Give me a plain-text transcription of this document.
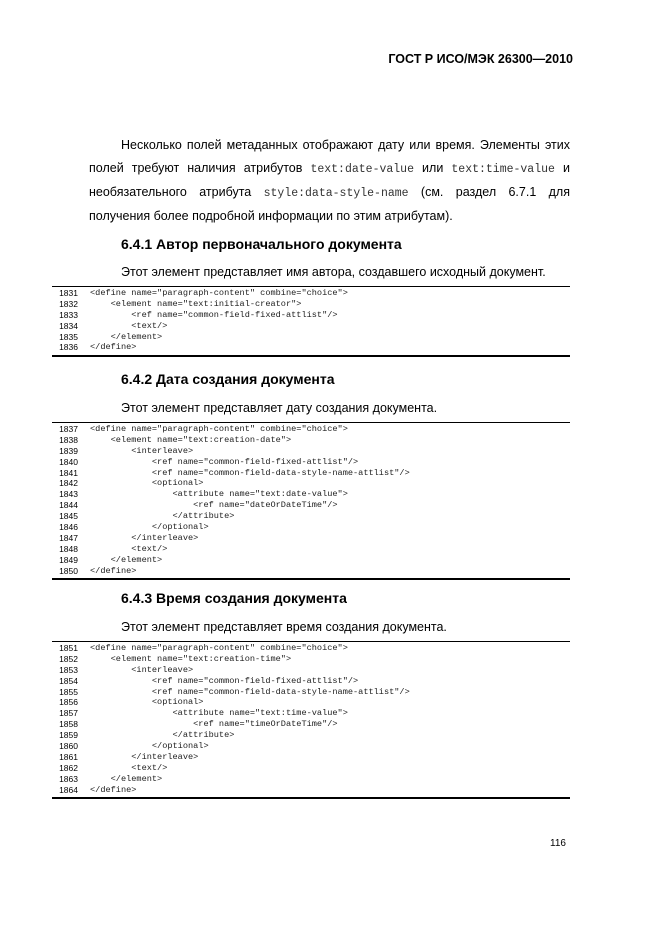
ГОСТ Р ИСО/МЭК 26300—2010
Несколько полей метаданных отображают дату или время. Элементы этих полей требуют наличия атрибутов text:date-value или text:time-value и необязательного атрибута style:data-style-name (см. раздел 6.7.1 для получения более подробной информации по этим атрибутам).
6.4.1 Автор первоначального документа
Этот элемент представляет имя автора, создавшего исходный документ.
1831 <define name="paragraph-content" combine="choice">
1832 <element name="text:initial-creator">
1833 <ref name="common-field-fixed-attlist"/>
1834 <text/>
1835 </element>
1836 </define>
6.4.2 Дата создания документа
Этот элемент представляет дату создания документа.
1837 <define name="paragraph-content" combine="choice">
1838 <element name="text:creation-date">
1839 <interleave>
1840 <ref name="common-field-fixed-attlist"/>
1841 <ref name="common-field-data-style-name-attlist"/>
1842 <optional>
1843 <attribute name="text:date-value">
1844 <ref name="dateOrDateTime"/>
1845 </attribute>
1846 </optional>
1847 </interleave>
1848 <text/>
1849 </element>
1850 </define>
6.4.3 Время создания документа
Этот элемент представляет время создания документа.
1851 <define name="paragraph-content" combine="choice">
1852 <element name="text:creation-time">
1853 <interleave>
1854 <ref name="common-field-fixed-attlist"/>
1855 <ref name="common-field-data-style-name-attlist"/>
1856 <optional>
1857 <attribute name="text:time-value">
1858 <ref name="timeOrDateTime"/>
1859 </attribute>
1860 </optional>
1861 </interleave>
1862 <text/>
1863 </element>
1864 </define>
116
